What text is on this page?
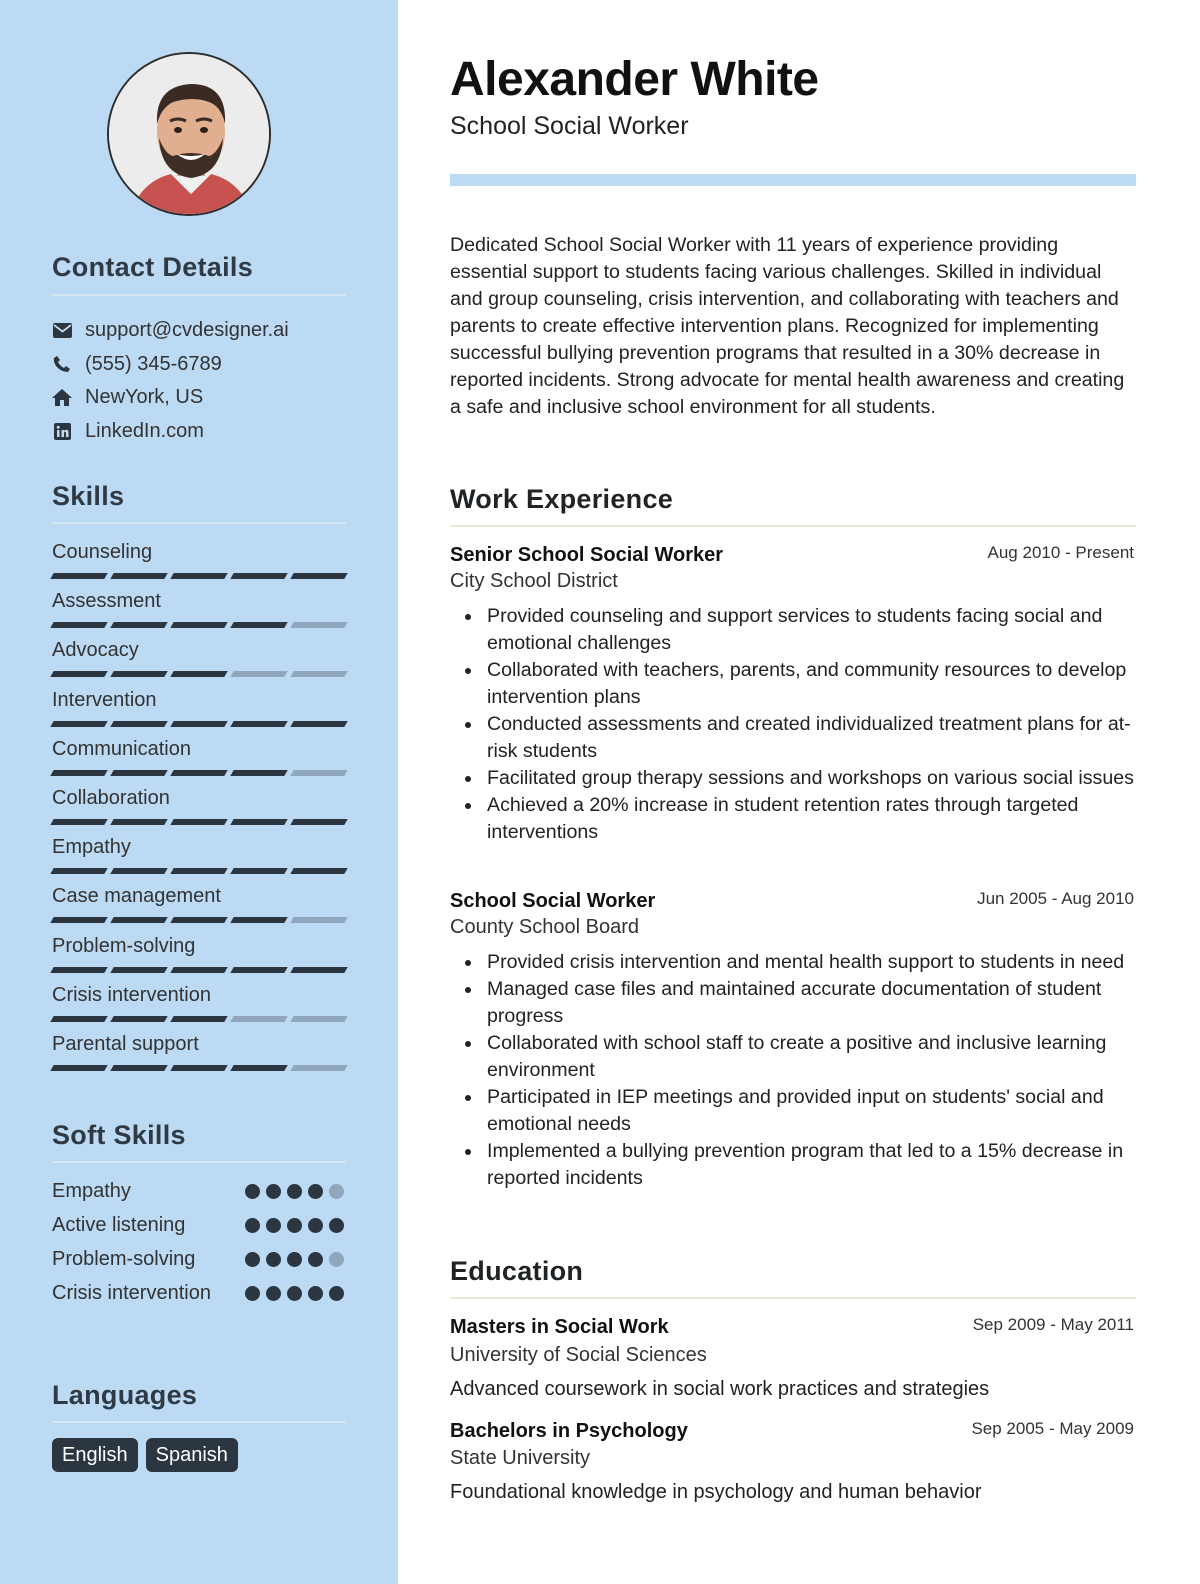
Contact Details
support@cvdesigner.ai
(555) 345-6789
NewYork, US
LinkedIn.com
Skills
Counseling
Assessment
Advocacy
Intervention
Communication
Collaboration
Empathy
Case management
Problem-solving
Crisis intervention
Parental support
Soft Skills
Empathy
Active listening
Problem-solving
Crisis intervention
Languages
English	Spanish
Alexander White
School Social Worker
Dedicated School Social Worker with 11 years of experience providing essential support to students facing various challenges. Skilled in individual and group counseling, crisis intervention, and collaborating with teachers and parents to create effective intervention plans. Recognized for implementing successful bullying prevention programs that resulted in a 30% decrease in reported incidents. Strong advocate for mental health awareness and creating a safe and inclusive school environment for all students.
Work Experience
Senior School Social Worker	Aug 2010 - Present
City School District
Provided counseling and support services to students facing social and emotional challenges
Collaborated with teachers, parents, and community resources to develop intervention plans
Conducted assessments and created individualized treatment plans for at-risk students
Facilitated group therapy sessions and workshops on various social issues
Achieved a 20% increase in student retention rates through targeted interventions
School Social Worker	Jun 2005 - Aug 2010
County School Board
Provided crisis intervention and mental health support to students in need
Managed case files and maintained accurate documentation of student progress
Collaborated with school staff to create a positive and inclusive learning environment
Participated in IEP meetings and provided input on students' social and emotional needs
Implemented a bullying prevention program that led to a 15% decrease in reported incidents
Education
Masters in Social Work	Sep 2009 - May 2011
University of Social Sciences
Advanced coursework in social work practices and strategies
Bachelors in Psychology	Sep 2005 - May 2009
State University
Foundational knowledge in psychology and human behavior
